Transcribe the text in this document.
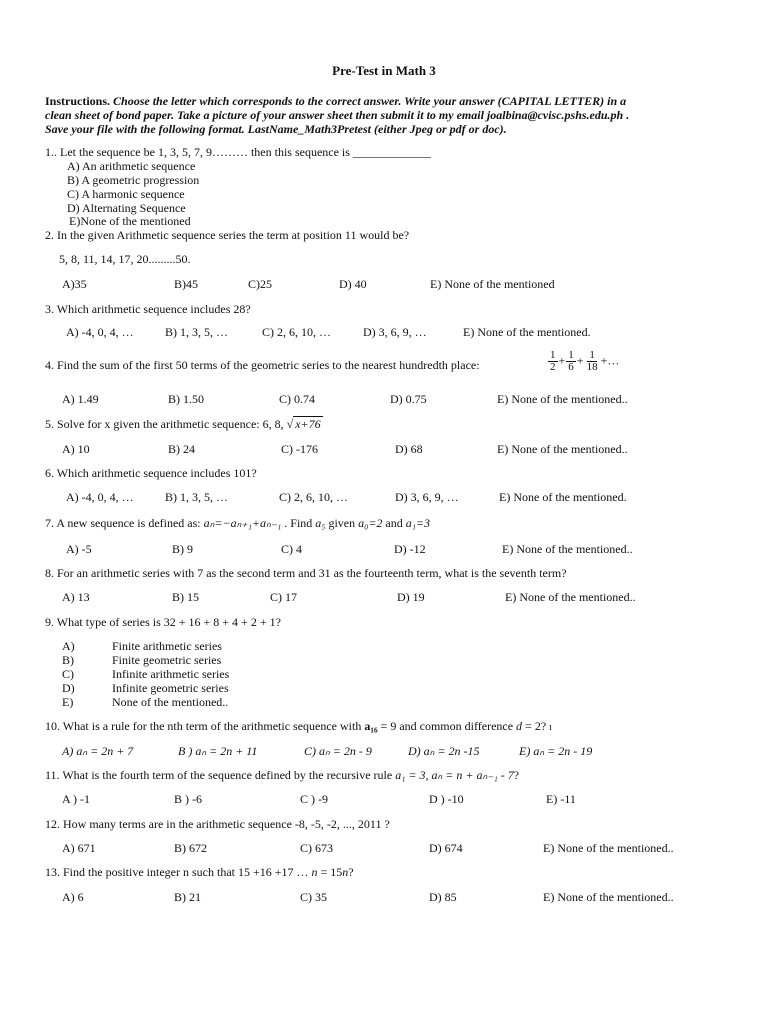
Pre-Test in Math 3
Instructions. Choose the letter which corresponds to the correct answer. Write your answer (CAPITAL LETTER) in a
clean sheet of bond paper. Take a picture of your answer sheet then submit it to my email joalbina@cvisc.pshs.edu.ph .
Save your file with the following format. LastName_Math3Pretest (either Jpeg or pdf or doc).
1.. Let the sequence be 1, 3, 5, 7, 9……… then this sequence is _____________
A) An arithmetic sequence
B) A geometric progression
C) A harmonic sequence
D) Alternating Sequence
E)None of the mentioned
2. In the given Arithmetic sequence series the term at position 11 would be?
5, 8, 11, 14, 17, 20.........50.
A)35	B)45	C)25	D) 40	E) None of the mentioned
3. Which arithmetic sequence includes 28?
A) -4, 0, 4, …	B) 1, 3, 5, …	C) 2, 6, 10, …	D) 3, 6, 9, …	E) None of the mentioned.
4. Find the sum of the first 50 terms of the geometric series to the nearest hundredth place:	$\frac{1}{2} + \frac{1}{6} + \frac{1}{18}$ +…
A) 1.49	B) 1.50	C) 0.74	D) 0.75	E) None of the mentioned..
5. Solve for x given the arithmetic sequence: 6, 8, √ x+76
A) 10	B) 24	C) -176	D) 68	E) None of the mentioned..
6. Which arithmetic sequence includes 101?
A) -4, 0, 4, …	B) 1, 3, 5, …	C) 2, 6, 10, …	D) 3, 6, 9, …	E) None of the mentioned.
7. A new sequence is defined as: aₙ=−aₙ₊₁+aₙ₋₁ . Find a₅ given a₀=2 and a₁=3
A) -5	B) 9	C) 4	D) -12	E) None of the mentioned..
8. For an arithmetic series with 7 as the second term and 31 as the fourteenth term, what is the seventh term?
A) 13	B) 15	C) 17	D) 19	E) None of the mentioned..
9. What type of series is 32 + 16 + 8 + 4 + 2 + 1?
A)	Finite arithmetic series
B)	Finite geometric series
C)	Infinite arithmetic series
D)	Infinite geometric series
E)	None of the mentioned..
10. What is a rule for the nth term of the arithmetic sequence with a₁₆ = 9 and common difference d = 2? ı
A) aₙ = 2n + 7	B ) aₙ = 2n + 11	C) aₙ = 2n - 9	D) aₙ = 2n -15	E) aₙ = 2n - 19
11. What is the fourth term of the sequence defined by the recursive rule a₁ = 3, aₙ = n + aₙ₋₁ - 7?
A ) -1	B ) -6	C ) -9	D ) -10	E) -11
12. How many terms are in the arithmetic sequence -8, -5, -2, ..., 2011 ?
A) 671	B) 672	C) 673	D) 674	E) None of the mentioned..
13. Find the positive integer n such that 15 +16 +17 … n = 15n?
A) 6	B) 21	C) 35	D) 85	E) None of the mentioned..
